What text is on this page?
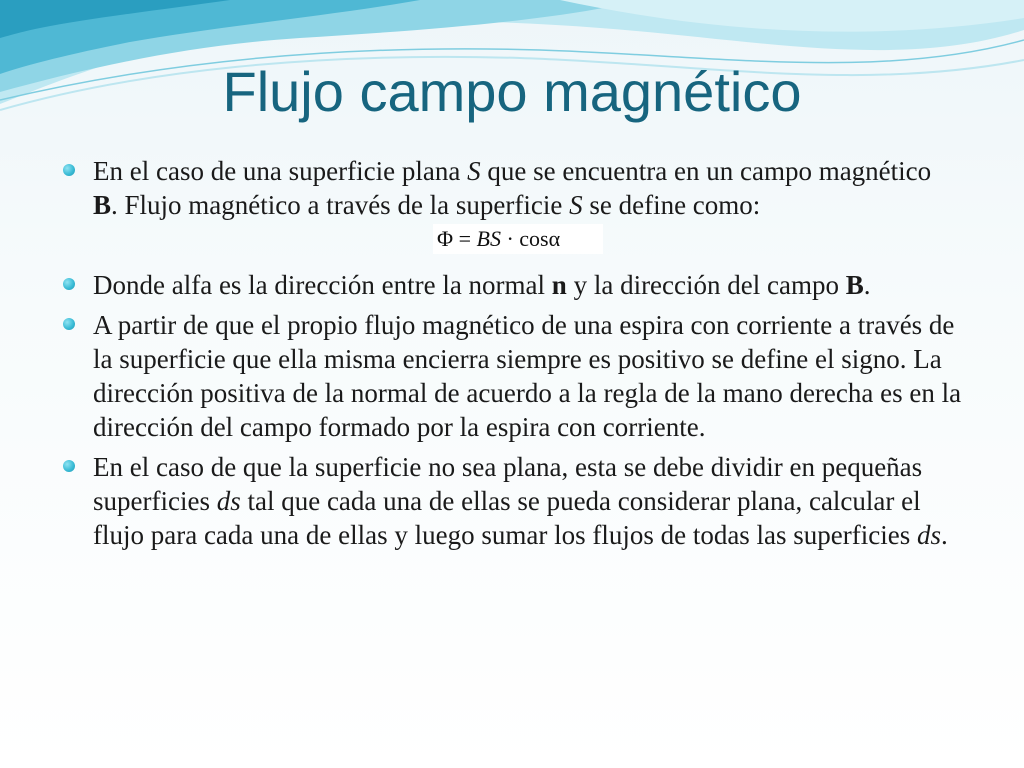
Flujo campo magnético

En el caso de una superficie plana S que se encuentra en un campo magnético B. Flujo magnético a través de la superficie S se define como:
Φ = BS · cosα

Donde alfa es la dirección entre la normal n y la dirección del campo B.

A partir de que el propio flujo magnético de una espira con corriente a través de la superficie que ella misma encierra siempre es positivo se define el signo. La dirección positiva de la normal de acuerdo a la regla de la mano derecha es en la dirección del campo formado por la espira con corriente.

En el caso de que la superficie no sea plana, esta se debe dividir en pequeñas superficies ds tal que cada una de ellas se pueda considerar plana, calcular el flujo para cada una de ellas y luego sumar los flujos de todas las superficies ds.
